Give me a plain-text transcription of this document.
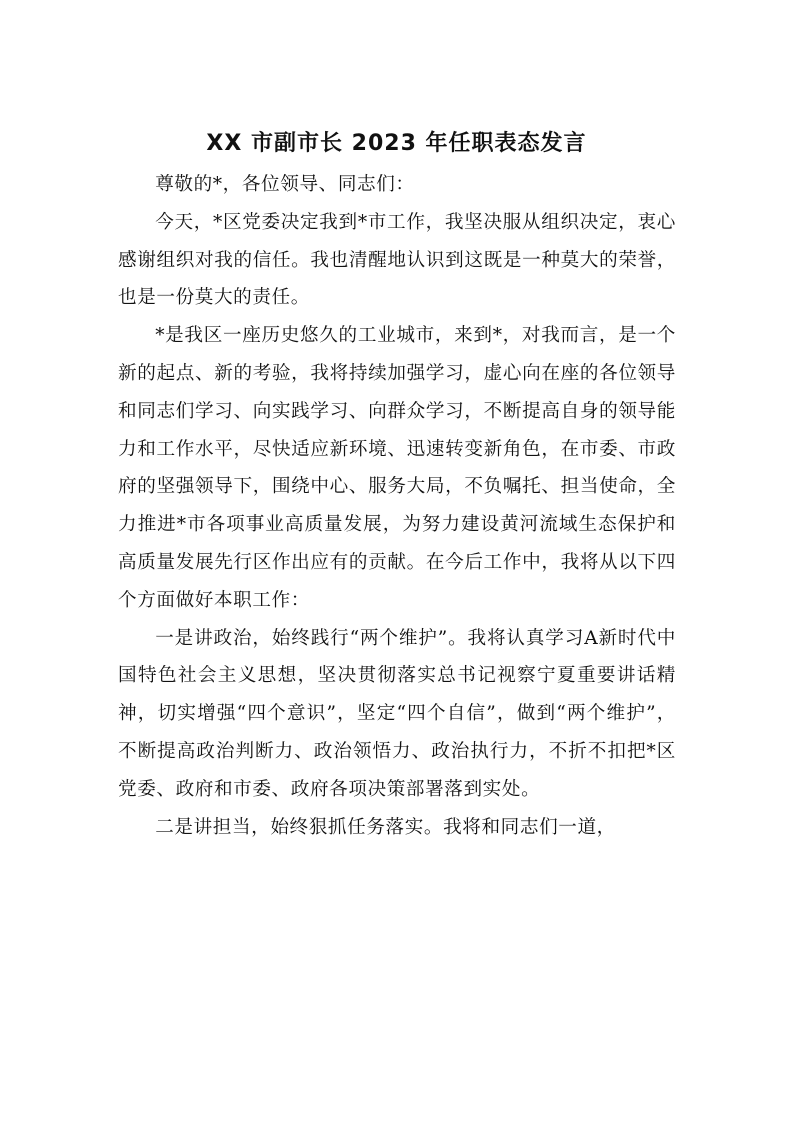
XX 市副市长 2023 年任职表态发言

尊敬的*，各位领导、同志们：

今天，*区党委决定我到*市工作，我坚决服从组织决定，衷心感谢组织对我的信任。我也清醒地认识到这既是一种莫大的荣誉，也是一份莫大的责任。

*是我区一座历史悠久的工业城市，来到*，对我而言，是一个新的起点、新的考验，我将持续加强学习，虚心向在座的各位领导和同志们学习、向实践学习、向群众学习，不断提高自身的领导能力和工作水平，尽快适应新环境、迅速转变新角色，在市委、市政府的坚强领导下，围绕中心、服务大局，不负嘱托、担当使命，全力推进*市各项事业高质量发展，为努力建设黄河流域生态保护和高质量发展先行区作出应有的贡献。在今后工作中，我将从以下四个方面做好本职工作：

一是讲政治，始终践行“两个维护”。我将认真学习A新时代中国特色社会主义思想，坚决贯彻落实总书记视察宁夏重要讲话精神，切实增强“四个意识”，坚定“四个自信”，做到“两个维护”，不断提高政治判断力、政治领悟力、政治执行力，不折不扣把*区党委、政府和市委、政府各项决策部署落到实处。

二是讲担当，始终狠抓任务落实。我将和同志们一道，
